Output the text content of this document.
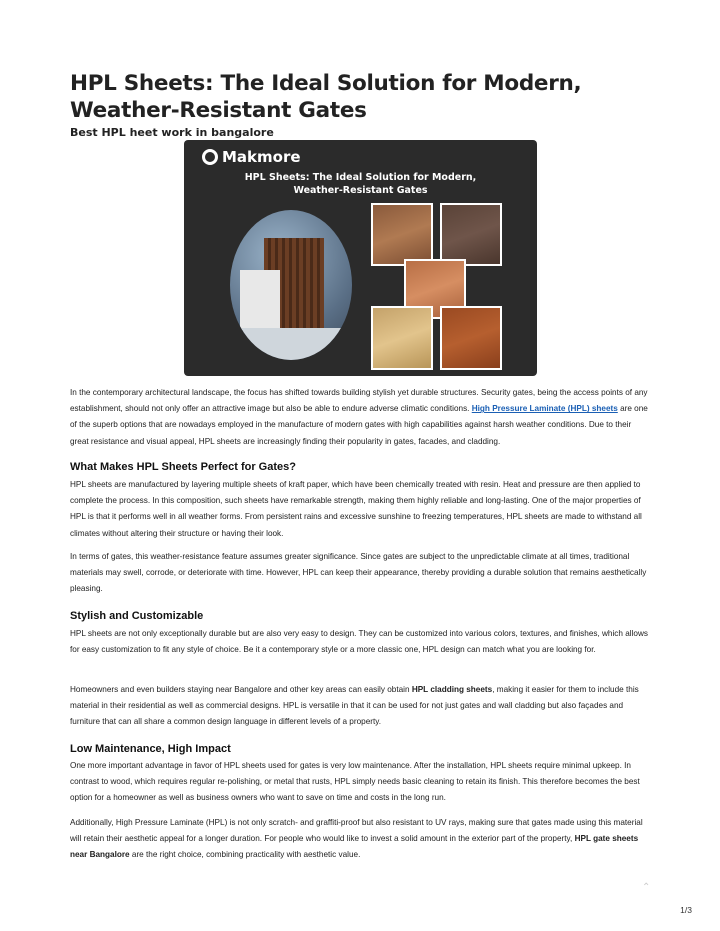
HPL Sheets: The Ideal Solution for Modern, Weather-Resistant Gates

Best HPL heet work in bangalore

Makmore
HPL Sheets: The Ideal Solution for Modern,
Weather-Resistant Gates

In the contemporary architectural landscape, the focus has shifted towards building stylish yet durable structures. Security gates, being the access points of any establishment, should not only offer an attractive image but also be able to endure adverse climatic conditions. High Pressure Laminate (HPL) sheets are one of the superb options that are nowadays employed in the manufacture of modern gates with high capabilities against harsh weather conditions. Due to their great resistance and visual appeal, HPL sheets are increasingly finding their popularity in gates, facades, and cladding.

What Makes HPL Sheets Perfect for Gates?

HPL sheets are manufactured by layering multiple sheets of kraft paper, which have been chemically treated with resin. Heat and pressure are then applied to complete the process. In this composition, such sheets have remarkable strength, making them highly reliable and long-lasting. One of the major properties of HPL is that it performs well in all weather forms. From persistent rains and excessive sunshine to freezing temperatures, HPL sheets are made to withstand all climates without altering their structure or having their look.

In terms of gates, this weather-resistance feature assumes greater significance. Since gates are subject to the unpredictable climate at all times, traditional materials may swell, corrode, or deteriorate with time. However, HPL can keep their appearance, thereby providing a durable solution that remains aesthetically pleasing.

Stylish and Customizable

HPL sheets are not only exceptionally durable but are also very easy to design. They can be customized into various colors, textures, and finishes, which allows for easy customization to fit any style of choice. Be it a contemporary style or a more classic one, HPL design can match what you are looking for.

Homeowners and even builders staying near Bangalore and other key areas can easily obtain HPL cladding sheets, making it easier for them to include this material in their residential as well as commercial designs. HPL is versatile in that it can be used for not just gates and wall cladding but also façades and furniture that can all share a common design language in different levels of a property.

Low Maintenance, High Impact

One more important advantage in favor of HPL sheets used for gates is very low maintenance. After the installation, HPL sheets require minimal upkeep. In contrast to wood, which requires regular re-polishing, or metal that rusts, HPL simply needs basic cleaning to retain its finish. This therefore becomes the best option for a homeowner as well as business owners who want to save on time and costs in the long run.

Additionally, High Pressure Laminate (HPL) is not only scratch- and graffiti-proof but also resistant to UV rays, making sure that gates made using this material will retain their aesthetic appeal for a longer duration. For people who would like to invest a solid amount in the exterior part of the property, HPL gate sheets near Bangalore are the right choice, combining practicality with aesthetic value.

⌃
1/3
